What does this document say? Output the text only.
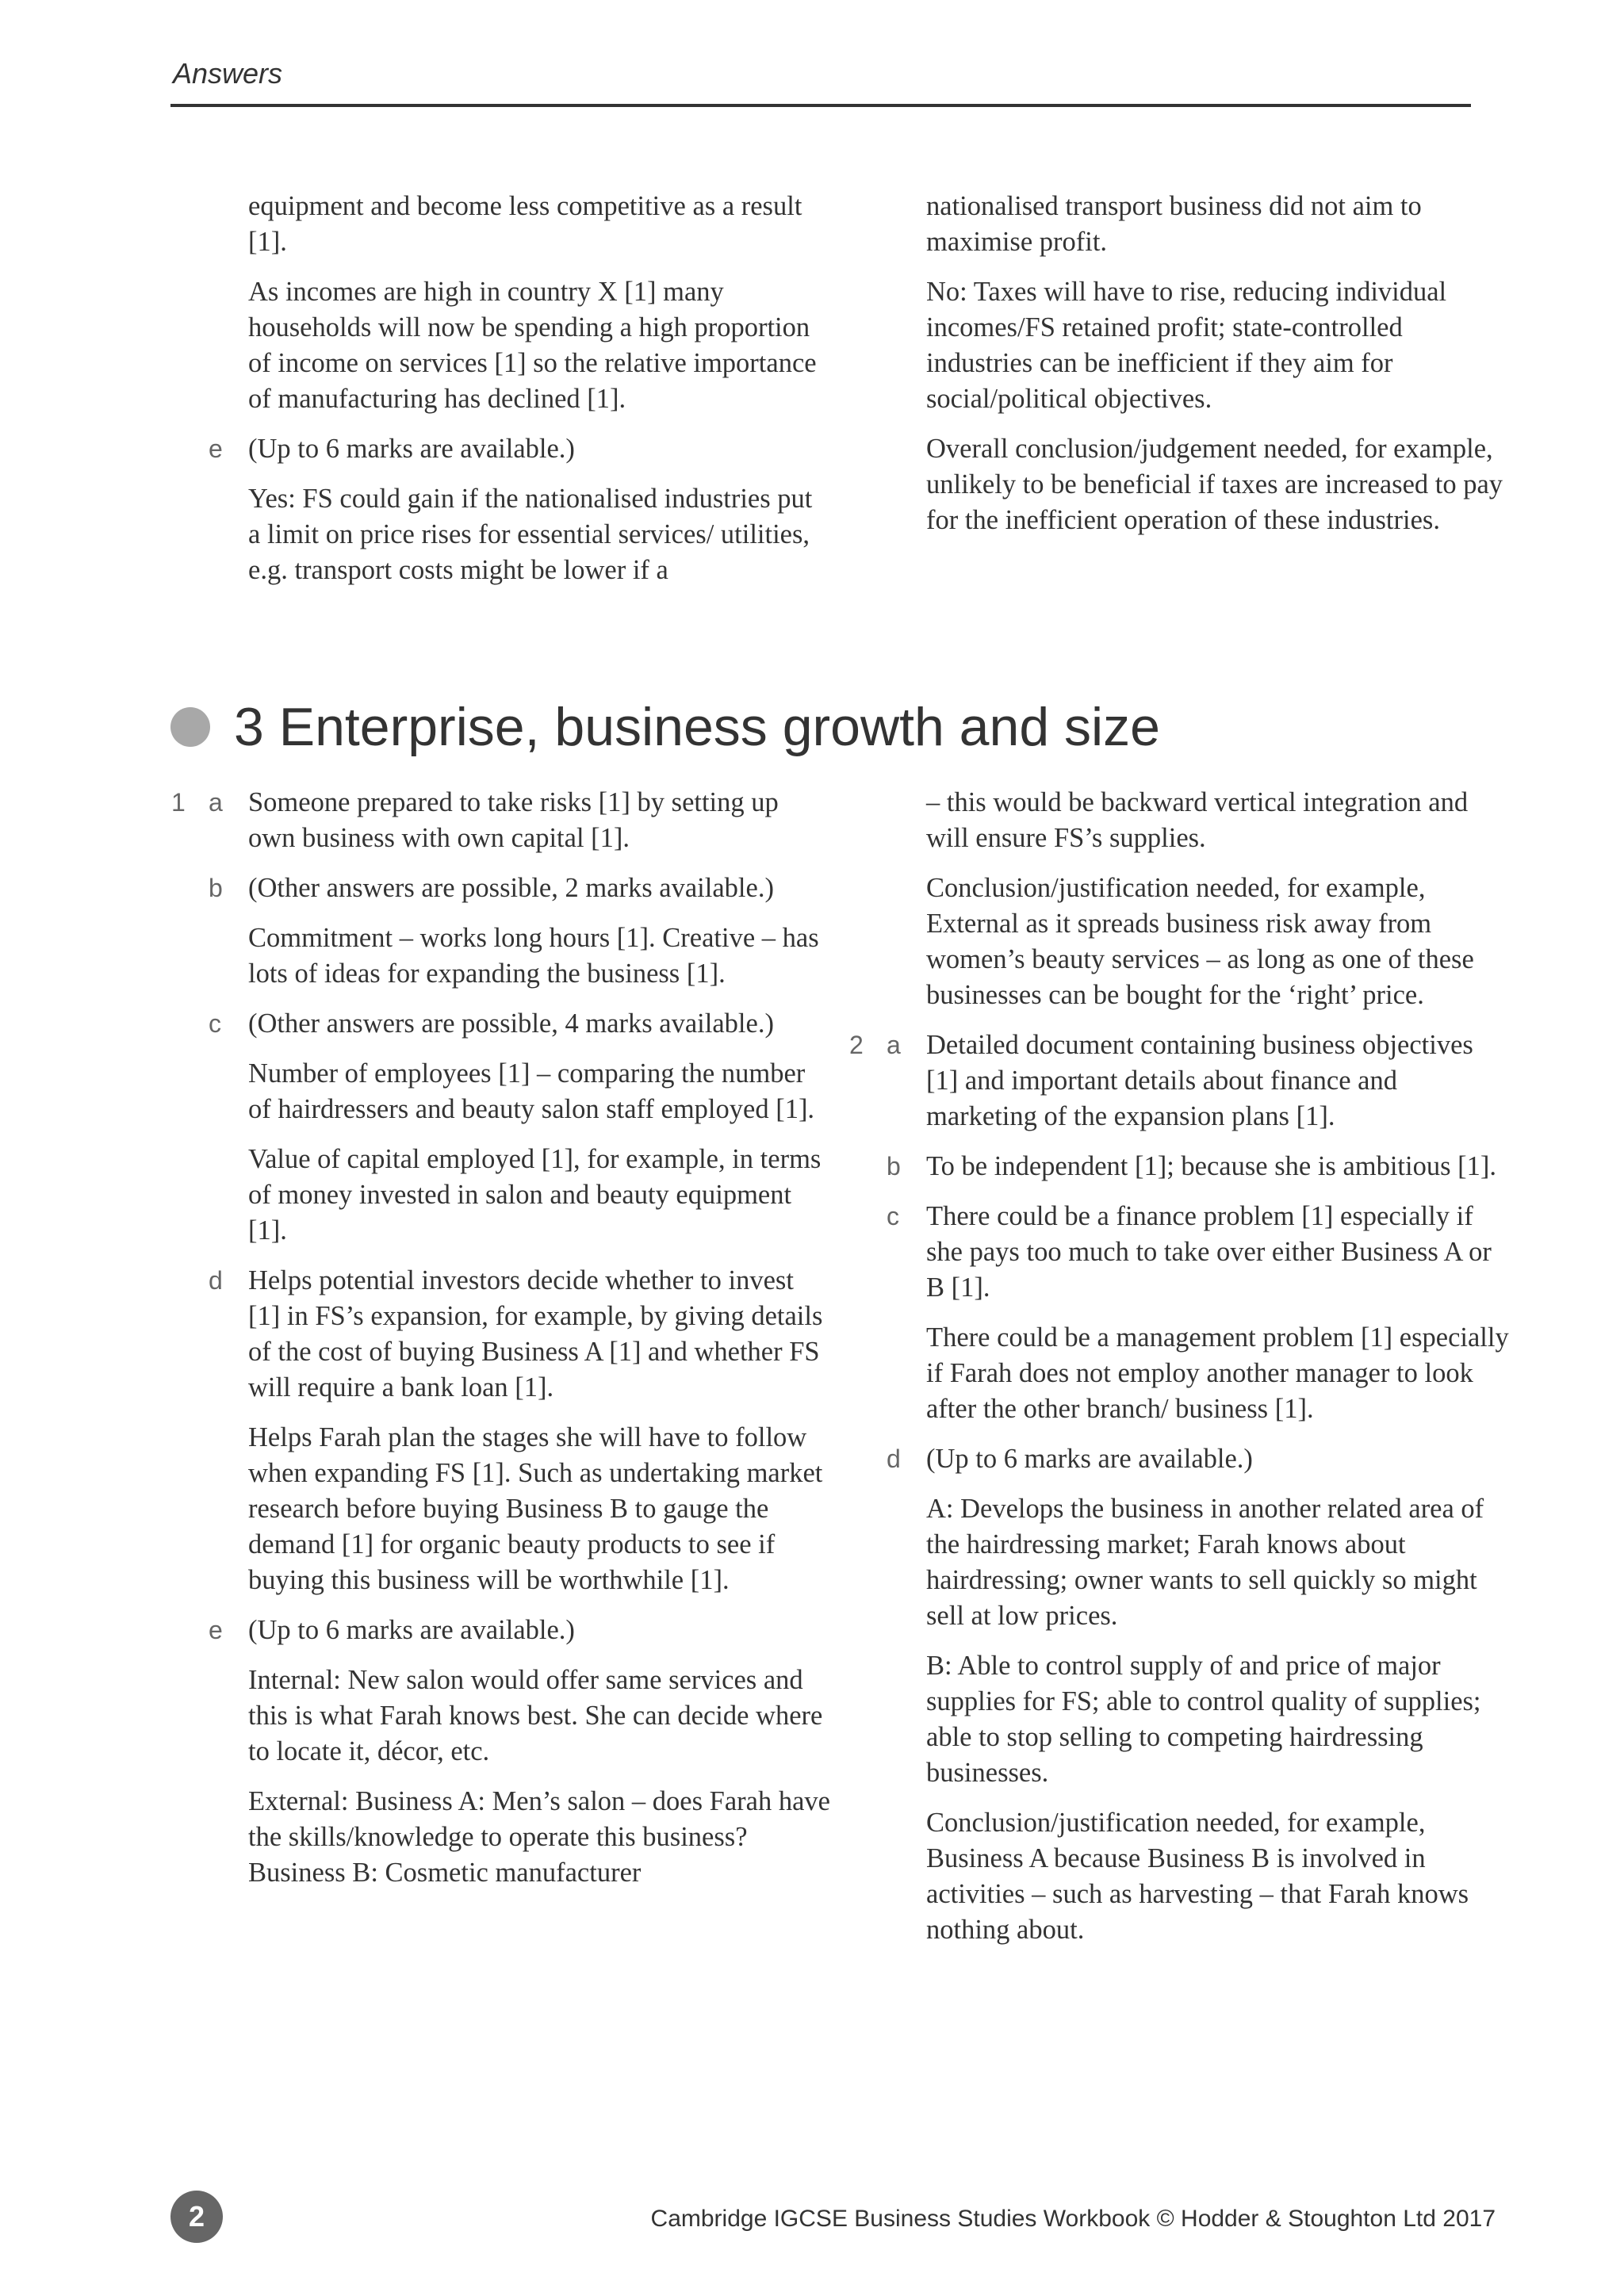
Answers

equipment and become less competitive as a result [1].

As incomes are high in country X [1] many households will now be spending a high proportion of income on services [1] so the relative importance of manufacturing has declined [1].

e (Up to 6 marks are available.)

Yes: FS could gain if the nationalised industries put a limit on price rises for essential services/ utilities, e.g. transport costs might be lower if a

nationalised transport business did not aim to maximise profit.

No: Taxes will have to rise, reducing individual incomes/FS retained profit; state-controlled industries can be inefficient if they aim for social/political objectives.

Overall conclusion/judgement needed, for example, unlikely to be beneficial if taxes are increased to pay for the inefficient operation of these industries.

3 Enterprise, business growth and size
1 a Someone prepared to take risks [1] by setting up own business with own capital [1].

b (Other answers are possible, 2 marks available.)

Commitment – works long hours [1]. Creative – has lots of ideas for expanding the business [1].

c (Other answers are possible, 4 marks available.)

Number of employees [1] – comparing the number of hairdressers and beauty salon staff employed [1].

Value of capital employed [1], for example, in terms of money invested in salon and beauty equipment [1].

d Helps potential investors decide whether to invest [1] in FS’s expansion, for example, by giving details of the cost of buying Business A [1] and whether FS will require a bank loan [1].

Helps Farah plan the stages she will have to follow when expanding FS [1]. Such as undertaking market research before buying Business B to gauge the demand [1] for organic beauty products to see if buying this business will be worthwhile [1].

e (Up to 6 marks are available.)

Internal: New salon would offer same services and this is what Farah knows best. She can decide where to locate it, décor, etc.

External: Business A: Men’s salon – does Farah have the skills/knowledge to operate this business? Business B: Cosmetic manufacturer

– this would be backward vertical integration and will ensure FS’s supplies.

Conclusion/justification needed, for example, External as it spreads business risk away from women’s beauty services – as long as one of these businesses can be bought for the ‘right’ price.

2 a Detailed document containing business objectives [1] and important details about finance and marketing of the expansion plans [1].

b To be independent [1]; because she is ambitious [1].

c There could be a finance problem [1] especially if she pays too much to take over either Business A or B [1].

There could be a management problem [1] especially if Farah does not employ another manager to look after the other branch/ business [1].

d (Up to 6 marks are available.)

A: Develops the business in another related area of the hairdressing market; Farah knows about hairdressing; owner wants to sell quickly so might sell at low prices.

B: Able to control supply of and price of major supplies for FS; able to control quality of supplies; able to stop selling to competing hairdressing businesses.

Conclusion/justification needed, for example, Business A because Business B is involved in activities – such as harvesting – that Farah knows nothing about.

2	Cambridge IGCSE Business Studies Workbook © Hodder & Stoughton Ltd 2017
